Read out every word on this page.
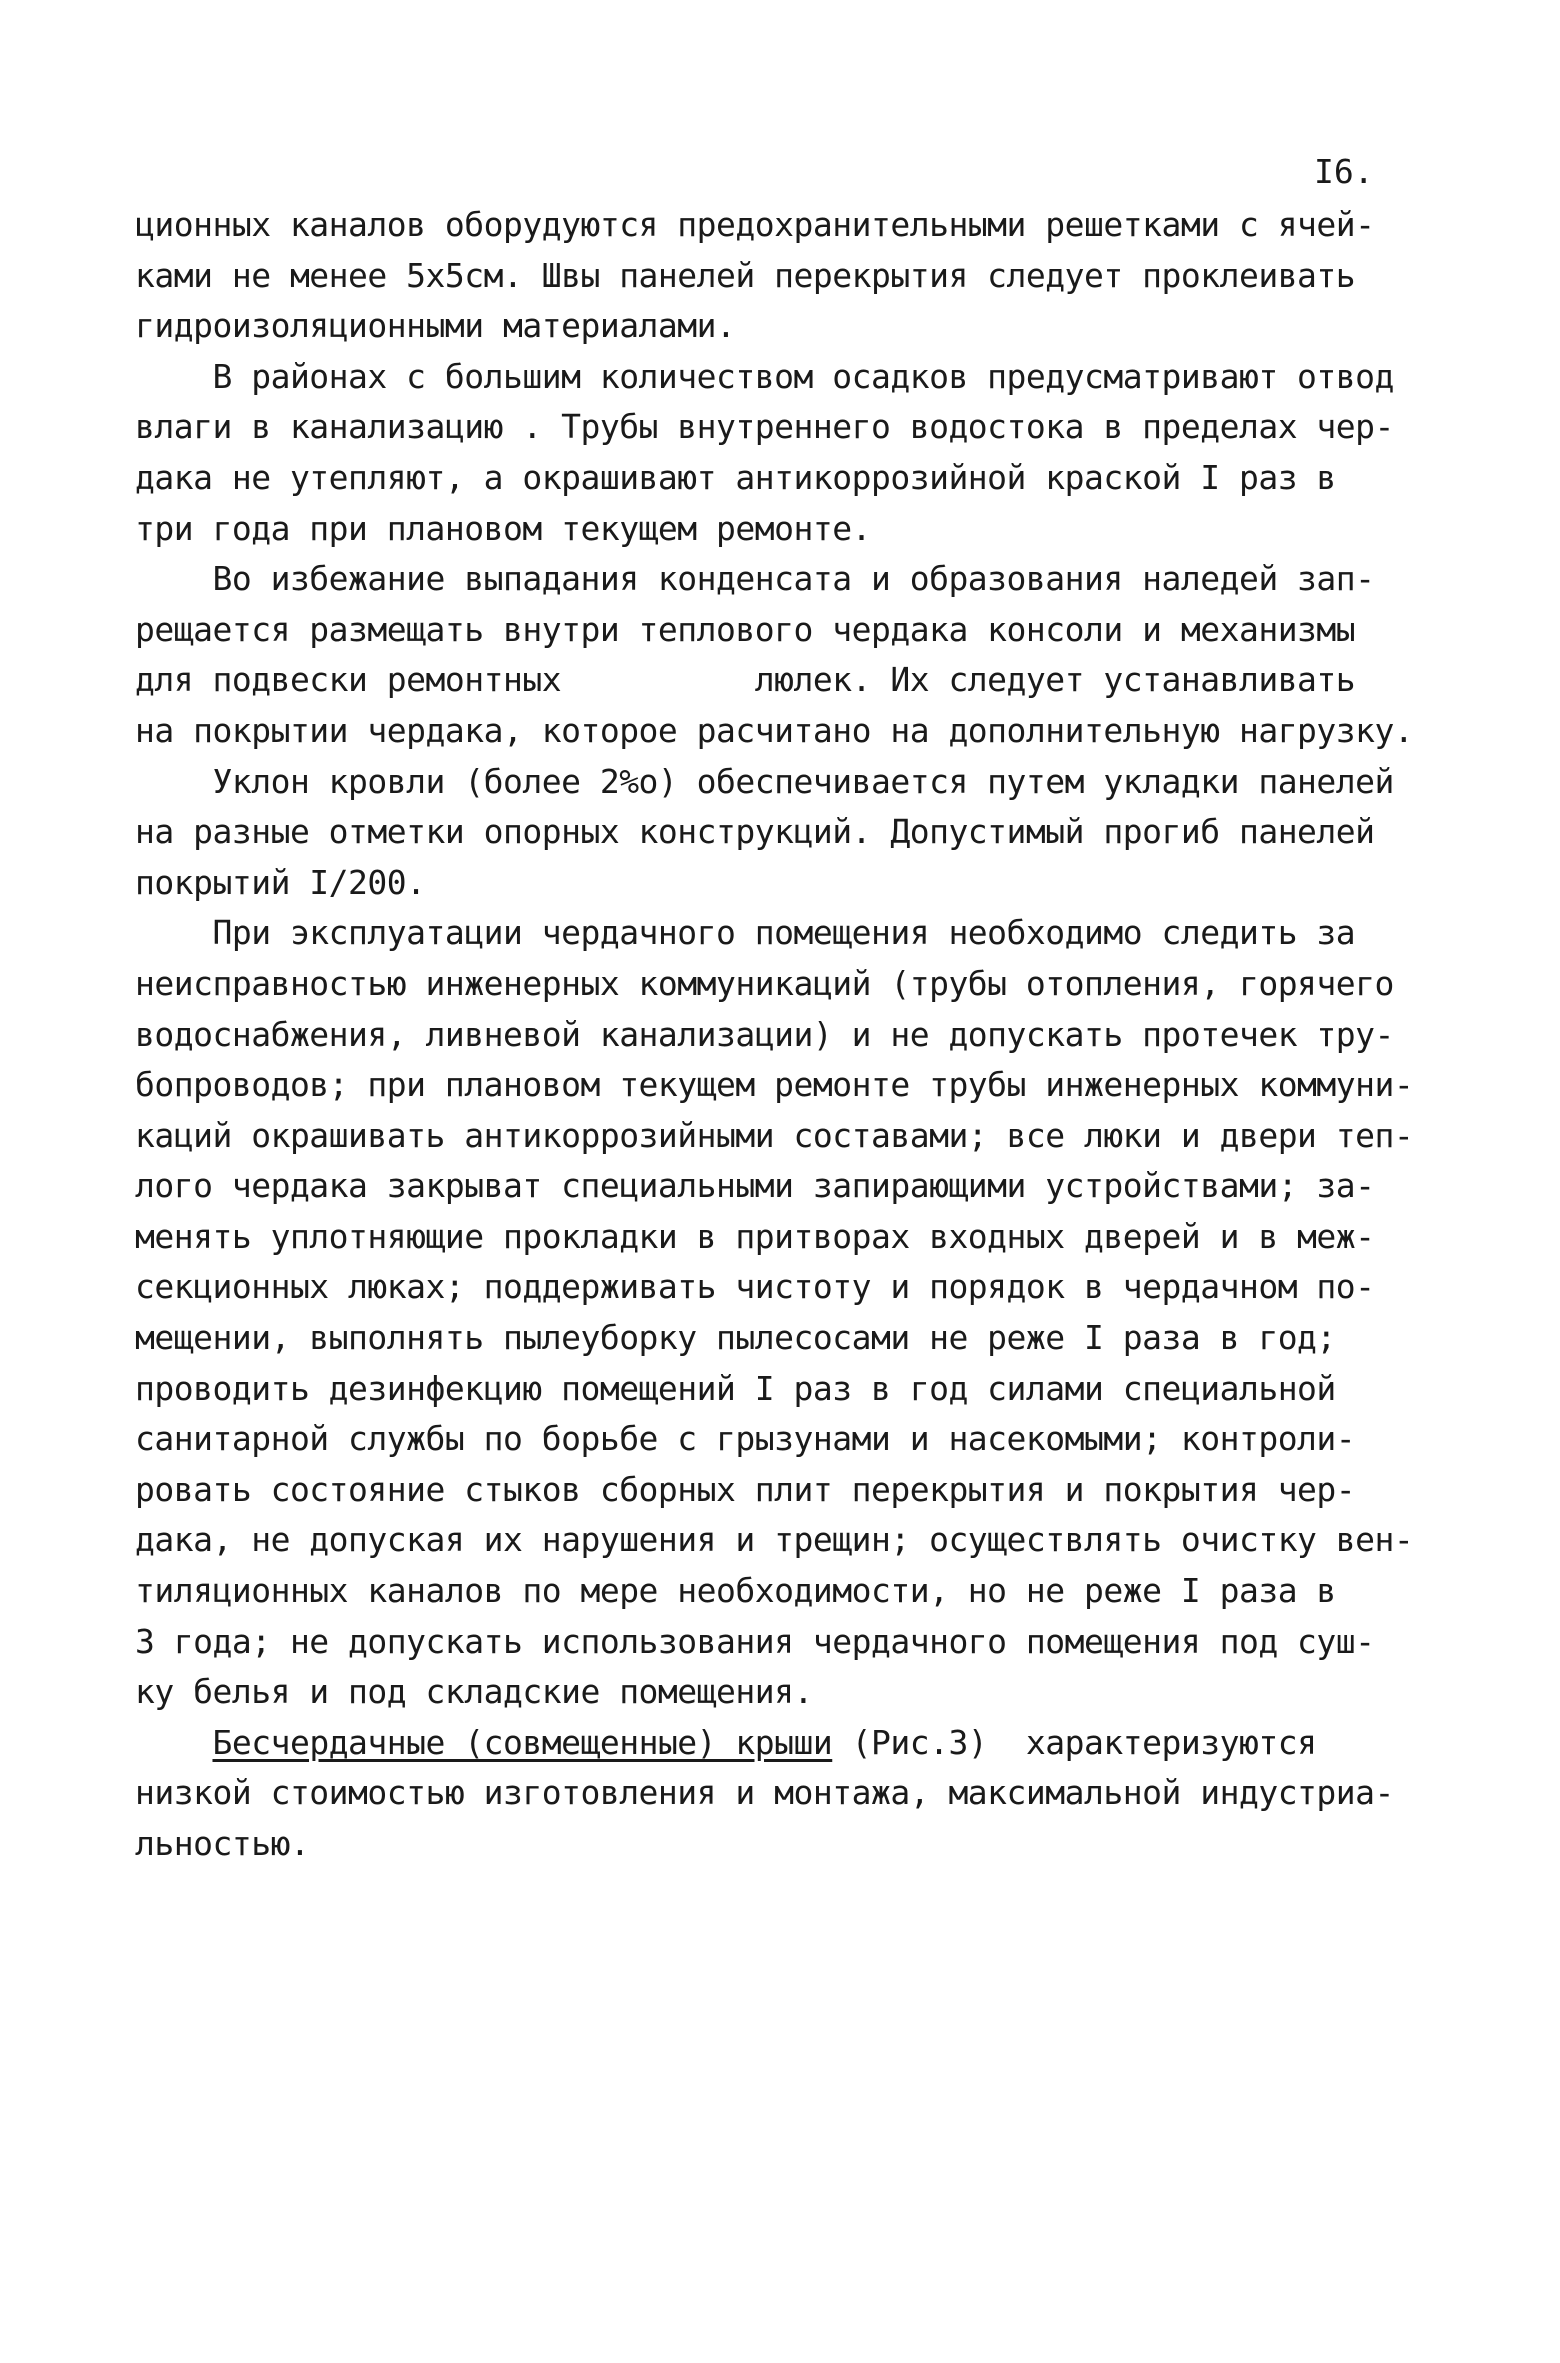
I6.
ционных каналов оборудуются предохранительными решетками с ячей-
ками не менее 5х5см. Швы панелей перекрытия следует проклеивать
гидроизоляционными материалами.
В районах с большим количеством осадков предусматривают отвод
влаги в канализацию . Трубы внутреннего водостока в пределах чер-
дака не утепляют, а окрашивают антикоррозийной краской I раз в
три года при плановом текущем ремонте.
Во избежание выпадания конденсата и образования наледей зап-
рещается размещать внутри теплового чердака консоли и механизмы
для подвески ремонтных          люлек. Их следует устанавливать
на покрытии чердака, которое расчитано на дополнительную нагрузку.
Уклон кровли (более 2%о) обеспечивается путем укладки панелей
на разные отметки опорных конструкций. Допустимый прогиб панелей
покрытий I/200.
При эксплуатации чердачного помещения необходимо следить за
неисправностью инженерных коммуникаций (трубы отопления, горячего
водоснабжения, ливневой канализации) и не допускать протечек тру-
бопроводов; при плановом текущем ремонте трубы инженерных коммуни-
каций окрашивать антикоррозийными составами; все люки и двери теп-
лого чердака закрыват специальными запирающими устройствами; за-
менять уплотняющие прокладки в притворах входных дверей и в меж-
секционных люках; поддерживать чистоту и порядок в чердачном по-
мещении, выполнять пылеуборку пылесосами не реже I раза в год;
проводить дезинфекцию помещений I раз в год силами специальной
санитарной службы по борьбе с грызунами и насекомыми; контроли-
ровать состояние стыков сборных плит перекрытия и покрытия чер-
дака, не допуская их нарушения и трещин; осуществлять очистку вен-
тиляционных каналов по мере необходимости, но не реже I раза в
3 года; не допускать использования чердачного помещения под суш-
ку белья и под складские помещения.
Бесчердачные (совмещенные) крыши (Рис.3)  характеризуются
низкой стоимостью изготовления и монтажа, максимальной индустриа-
льностью.
